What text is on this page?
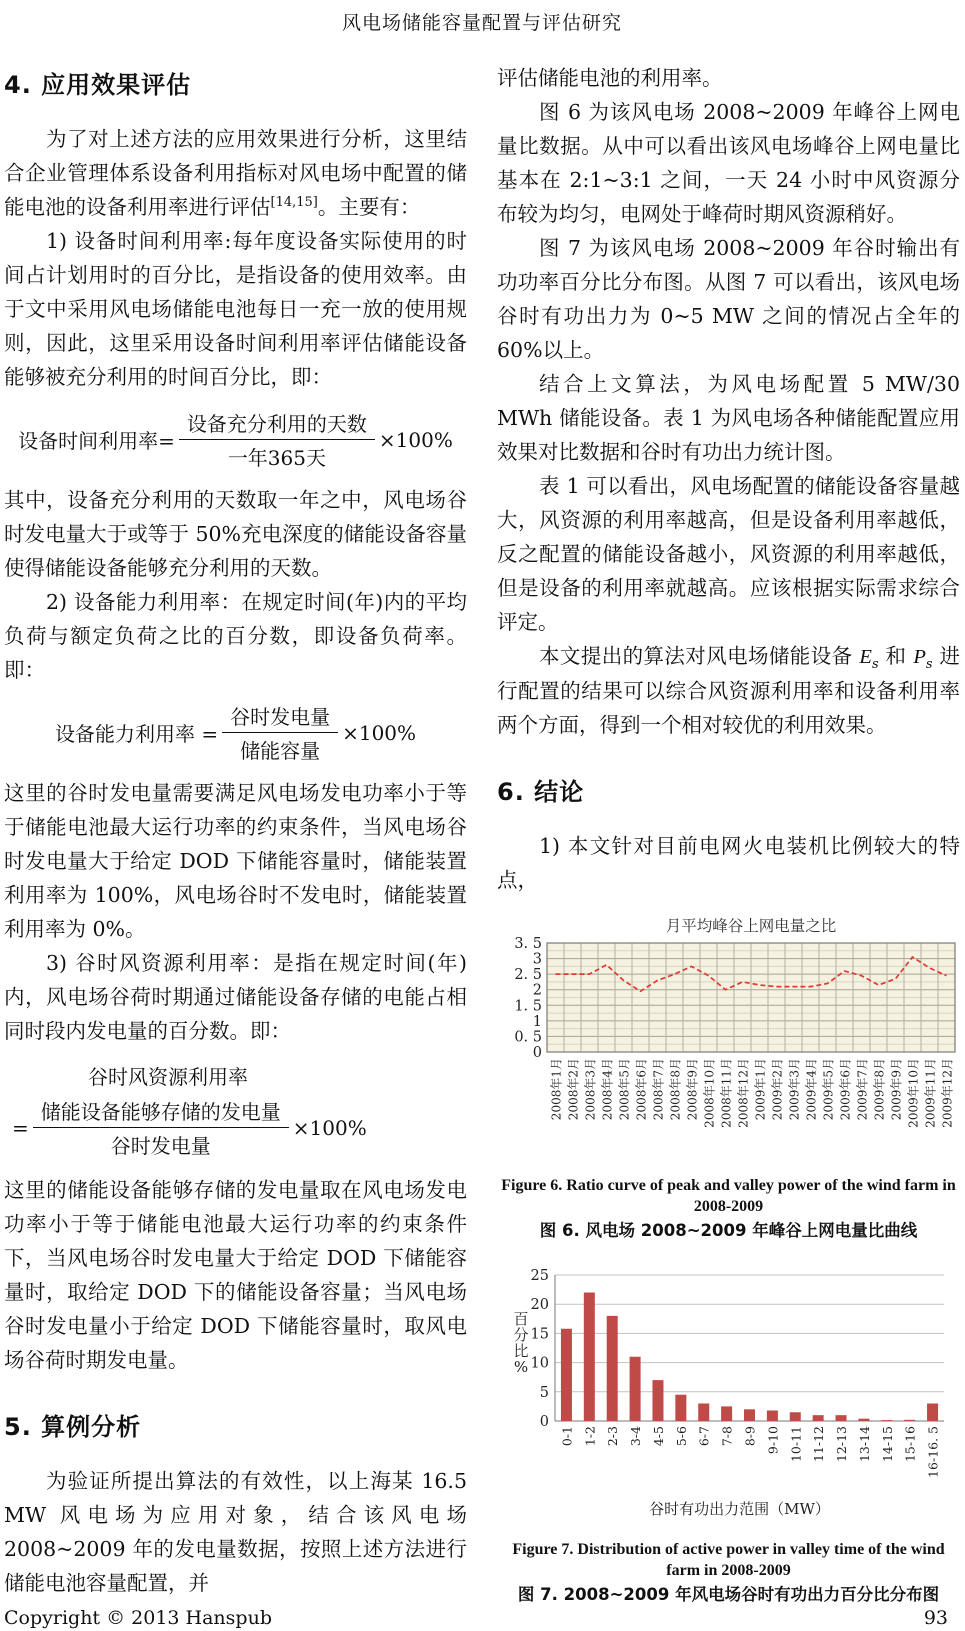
风电场储能容量配置与评估研究
4. 应用效果评估

为了对上述方法的应用效果进行分析，这里结合企业管理体系设备利用指标对风电场中配置的储能电池的设备利用率进行评估[14,15]。主要有：

1) 设备时间利用率:每年度设备实际使用的时间占计划用时的百分比，是指设备的使用效率。由于文中采用风电场储能电池每日一充一放的使用规则，因此，这里采用设备时间利用率评估储能设备能够被充分利用的时间百分比，即：

设备时间利用率= $\frac{\text{设备充分利用的天数}}{\text{一年365天}} \times 100\%$

其中，设备充分利用的天数取一年之中，风电场谷时发电量大于或等于 50%充电深度的储能设备容量使得储能设备能够充分利用的天数。

2) 设备能力利用率：在规定时间(年)内的平均负荷与额定负荷之比的百分数，即设备负荷率。即：

设备能力利用率 = $\frac{\text{谷时发电量}}{\text{储能容量}} \times 100\%$

这里的谷时发电量需要满足风电场发电功率小于等于储能电池最大运行功率的约束条件，当风电场谷时发电量大于给定 DOD 下储能容量时，储能装置利用率为 100%，风电场谷时不发电时，储能装置利用率为 0%。

3) 谷时风资源利用率：是指在规定时间(年)内，风电场谷荷时期通过储能设备存储的电能占相同时段内发电量的百分数。即：

谷时风资源利用率
= $\frac{\text{储能设备能够存储的发电量}}{\text{谷时发电量}} \times 100\%$

这里的储能设备能够存储的发电量取在风电场发电功率小于等于储能电池最大运行功率的约束条件下，当风电场谷时发电量大于给定 DOD 下储能容量时，取给定 DOD 下的储能设备容量；当风电场谷时发电量小于给定 DOD 下储能容量时，取风电场谷荷时期发电量。

5. 算例分析

为验证所提出算法的有效性，以上海某 16.5 MW 风电场为应用对象，结合该风电场 2008~2009 年的发电量数据，按照上述方法进行储能电池容量配置，并

评估储能电池的利用率。

图 6 为该风电场 2008~2009 年峰谷上网电量比数据。从中可以看出该风电场峰谷上网电量比基本在 2:1~3:1 之间，一天 24 小时中风资源分布较为均匀，电网处于峰荷时期风资源稍好。

图 7 为该风电场 2008~2009 年谷时输出有功功率百分比分布图。从图 7 可以看出，该风电场谷时有功出力为 0~5 MW 之间的情况占全年的 60%以上。

结合上文算法，为风电场配置 5 MW/30 MWh 储能设备。表 1 为风电场各种储能配置应用效果对比数据和谷时有功出力统计图。

表 1 可以看出，风电场配置的储能设备容量越大，风资源的利用率越高，但是设备利用率越低，反之配置的储能设备越小，风资源的利用率越低，但是设备的利用率就越高。应该根据实际需求综合评定。

本文提出的算法对风电场储能设备 $E_s$ 和 $P_s$ 进行配置的结果可以综合风资源利用率和设备利用率两个方面，得到一个相对较优的利用效果。

6. 结论

1) 本文针对目前电网火电装机比例较大的特点，

月平均峰谷上网电量之比
0
0. 5
1
1. 5
2
2. 5
3
3. 5
2008年1月 2008年2月 2008年3月 2008年4月 2008年5月 2008年6月 2008年7月 2008年8月 2008年9月 2008年10月 2008年11月 2008年12月 2009年1月 2009年2月 2009年3月 2009年4月 2009年5月 2009年6月 2009年7月 2009年8月 2009年9月 2009年10月 2009年11月 2009年12月
Figure 6. Ratio curve of peak and valley power of the wind farm in
2008-2009
图 6. 风电场 2008~2009 年峰谷上网电量比曲线
0
5
10
15
20
25
百分比%
0-1 1-2 2-3 3-4 4-5 5-6 6-7 7-8 8-9 9-10 10-11 11-12 12-13 13-14 14-15 15-16 16-16. 5
谷时有功出力范围（MW）
Figure 7. Distribution of active power in valley time of the wind
farm in 2008-2009
图 7. 2008~2009 年风电场谷时有功出力百分比分布图
Copyright © 2013 Hanspub	93
